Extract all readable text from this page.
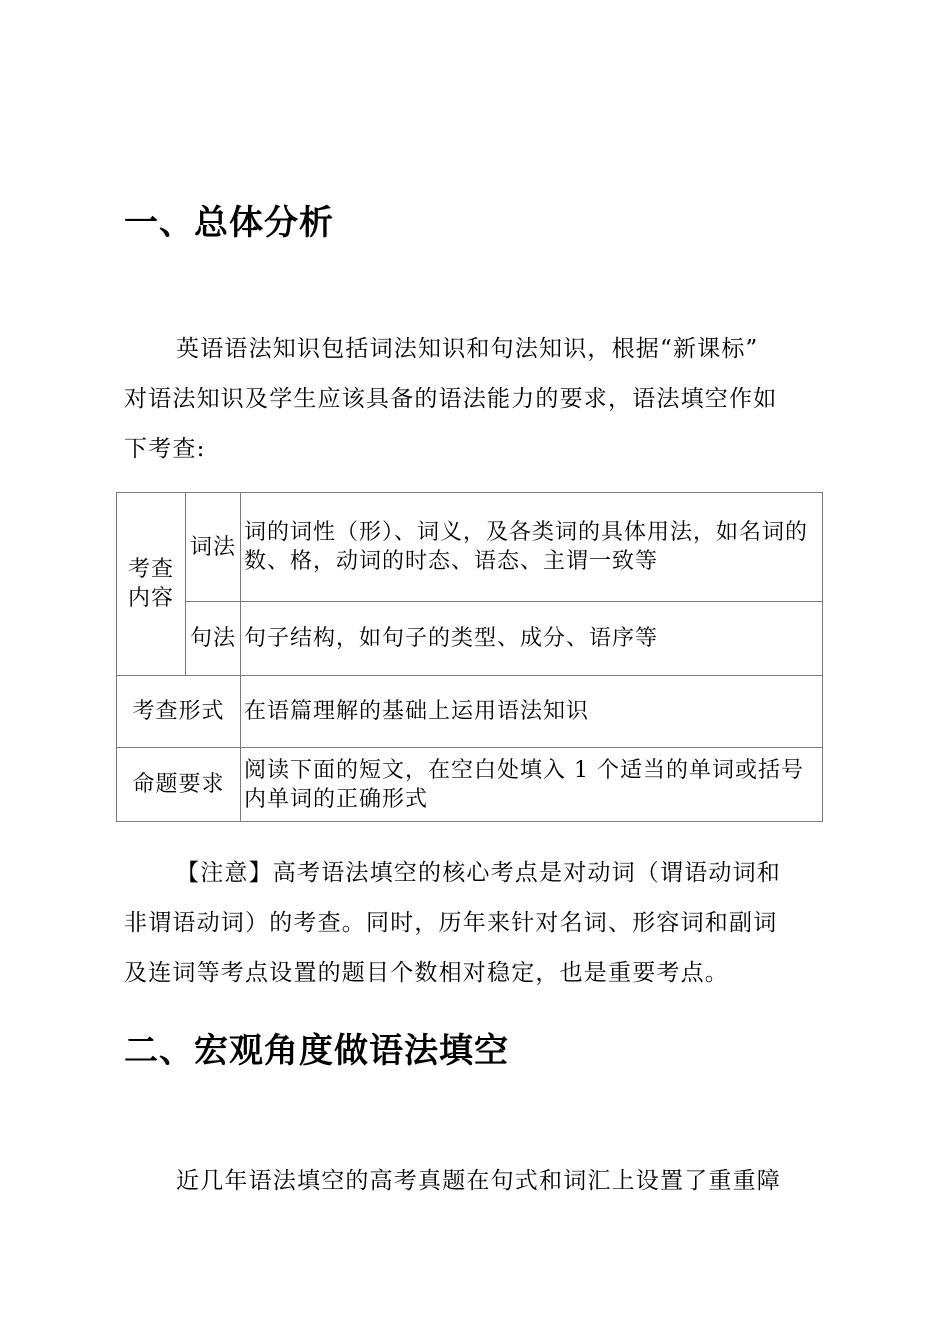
一、总体分析
英语语法知识包括词法知识和句法知识，根据“新课标”
对语法知识及学生应该具备的语法能力的要求，语法填空作如
下考查:
考查内容	词法	词的词性（形）、词义，及各类词的具体用法，如名词的数、格，动词的时态、语态、主谓一致等
	句法	句子结构，如句子的类型、成分、语序等
考查形式		在语篇理解的基础上运用语法知识
命题要求		阅读下面的短文，在空白处填入 1 个适当的单词或括号内单词的正确形式
【注意】高考语法填空的核心考点是对动词（谓语动词和
非谓语动词）的考查。同时，历年来针对名词、形容词和副词
及连词等考点设置的题目个数相对稳定，也是重要考点。
二、宏观角度做语法填空
近几年语法填空的高考真题在句式和词汇上设置了重重障
